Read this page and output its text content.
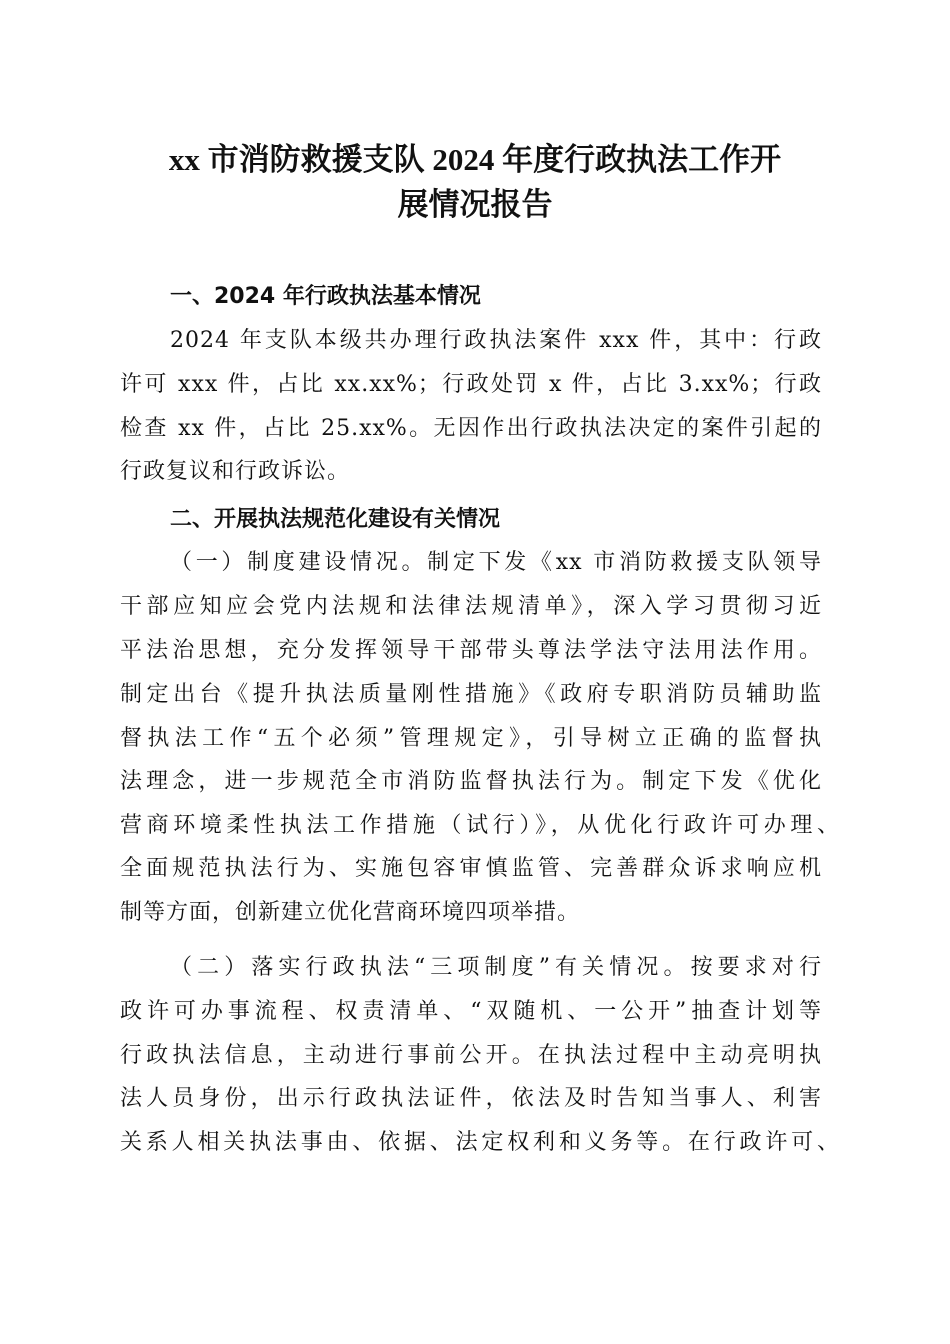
xx 市消防救援支队 2024 年度行政执法工作开
展情况报告
一、2024 年行政执法基本情况
2024 年支队本级共办理行政执法案件 xxx 件，其中：行政
许可 xxx 件，占比 xx.xx%；行政处罚 x 件，占比 3.xx%；行政
检查 xx 件，占比 25.xx%。无因作出行政执法决定的案件引起的
行政复议和行政诉讼。
二、开展执法规范化建设有关情况
（一）制度建设情况。制定下发《xx 市消防救援支队领导
干部应知应会党内法规和法律法规清单》，深入学习贯彻习近
平法治思想，充分发挥领导干部带头尊法学法守法用法作用。
制定出台《提升执法质量刚性措施》《政府专职消防员辅助监
督执法工作“五个必须”管理规定》，引导树立正确的监督执
法理念，进一步规范全市消防监督执法行为。制定下发《优化
营商环境柔性执法工作措施（试行）》，从优化行政许可办理、
全面规范执法行为、实施包容审慎监管、完善群众诉求响应机
制等方面，创新建立优化营商环境四项举措。
（二）落实行政执法“三项制度”有关情况。按要求对行
政许可办事流程、权责清单、“双随机、一公开”抽查计划等
行政执法信息，主动进行事前公开。在执法过程中主动亮明执
法人员身份，出示行政执法证件，依法及时告知当事人、利害
关系人相关执法事由、依据、法定权利和义务等。在行政许可、
